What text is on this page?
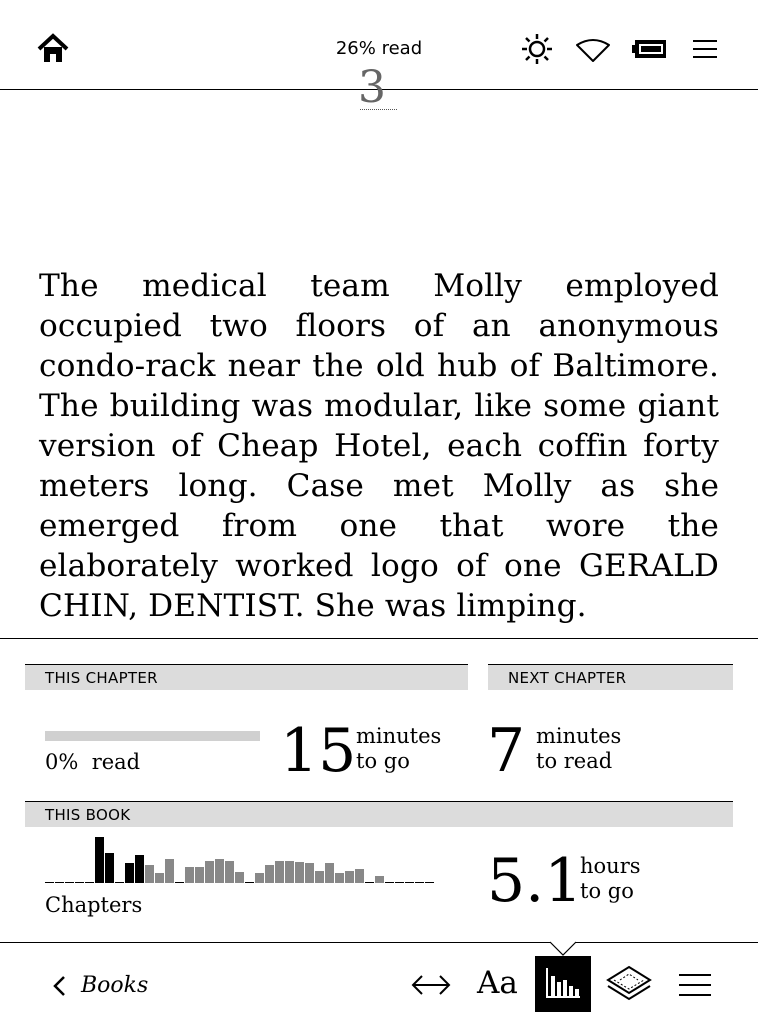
26% read
3
The medical team Molly employed occupied two floors of an anonymous condo-rack near the old hub of Baltimore. The building was modular, like some giant version of Cheap Hotel, each coffin forty meters long. Case met Molly as she emerged from one that wore the elaborately worked logo of one GERALD CHIN, DENTIST. She was limping.
THIS CHAPTER
0% read 15 minutes
to go
NEXT CHAPTER
7 minutes
to read
THIS BOOK
Chapters	5.1
hours
to go
Books	Aa
